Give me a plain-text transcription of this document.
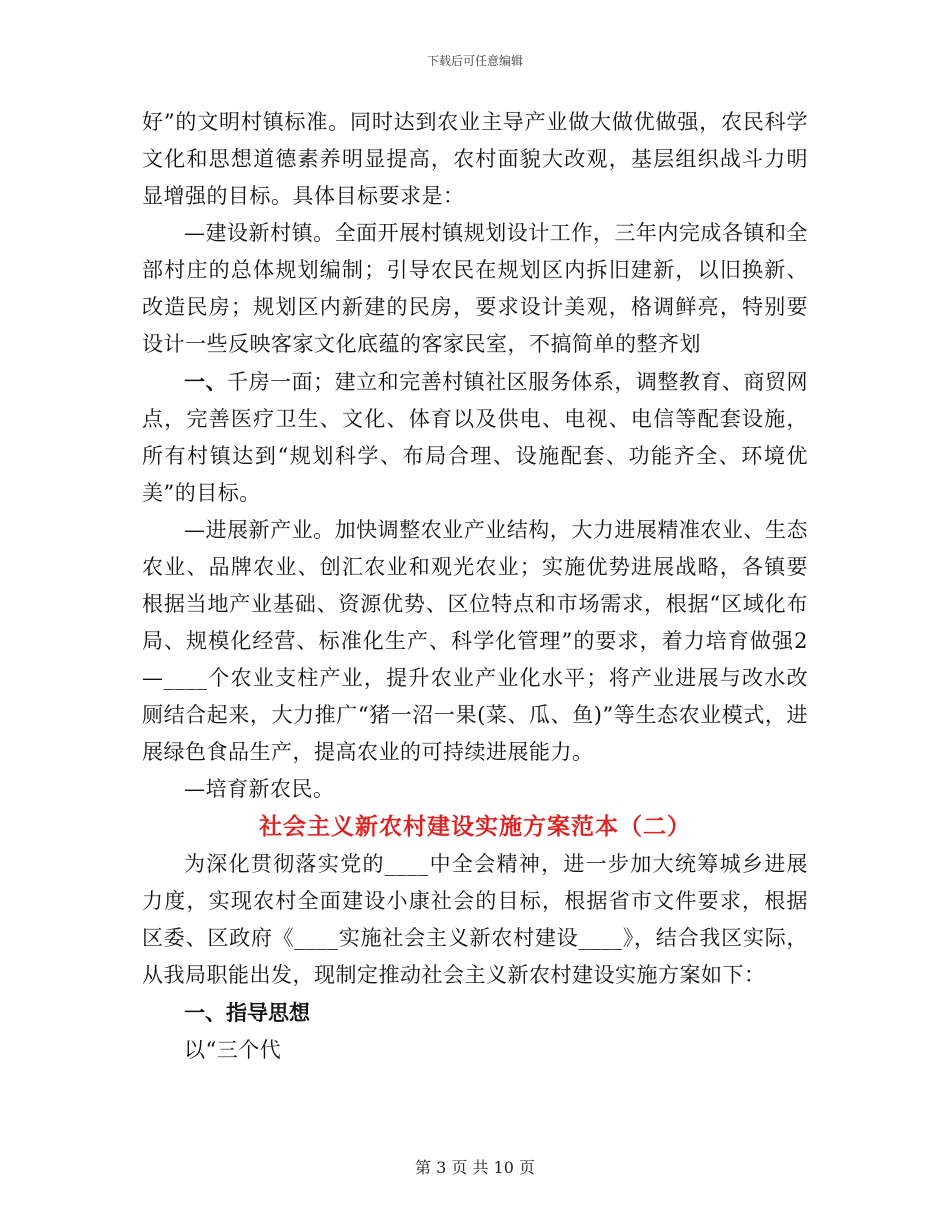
下载后可任意编辑

好”的文明村镇标准。同时达到农业主导产业做大做优做强，农民科学文化和思想道德素养明显提高，农村面貌大改观，基层组织战斗力明显增强的目标。具体目标要求是：

—建设新村镇。全面开展村镇规划设计工作，三年内完成各镇和全部村庄的总体规划编制；引导农民在规划区内拆旧建新，以旧换新、改造民房；规划区内新建的民房，要求设计美观，格调鲜亮，特别要设计一些反映客家文化底蕴的客家民室，不搞简单的整齐划

一、千房一面；建立和完善村镇社区服务体系，调整教育、商贸网点，完善医疗卫生、文化、体育以及供电、电视、电信等配套设施，所有村镇达到“规划科学、布局合理、设施配套、功能齐全、环境优美”的目标。

—进展新产业。加快调整农业产业结构，大力进展精准农业、生态农业、品牌农业、创汇农业和观光农业；实施优势进展战略，各镇要根据当地产业基础、资源优势、区位特点和市场需求，根据“区域化布局、规模化经营、标准化生产、科学化管理”的要求，着力培育做强2—____个农业支柱产业，提升农业产业化水平；将产业进展与改水改厕结合起来，大力推广“猪一沼一果(菜、瓜、鱼)”等生态农业模式，进展绿色食品生产，提高农业的可持续进展能力。

—培育新农民。

社会主义新农村建设实施方案范本（二）

为深化贯彻落实党的____中全会精神，进一步加大统筹城乡进展力度，实现农村全面建设小康社会的目标，根据省市文件要求，根据区委、区政府《____实施社会主义新农村建设____》，结合我区实际，从我局职能出发，现制定推动社会主义新农村建设实施方案如下：

一、指导思想

以“三个代

第 3 页 共 10 页
